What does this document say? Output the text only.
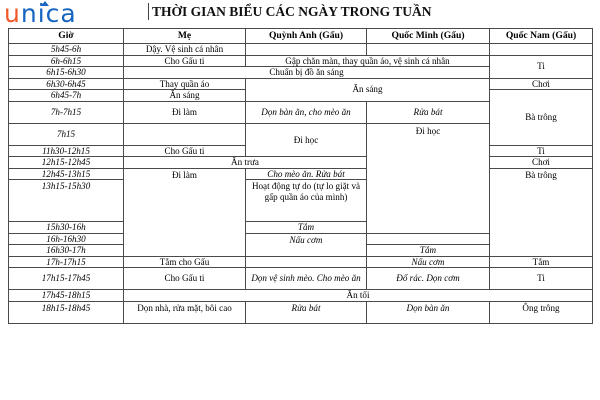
unica	THỜI GIAN BIỂU CÁC NGÀY TRONG TUẦN
Giờ	Mẹ	Quỳnh Anh (Gấu)	Quốc Minh (Gấu)	Quốc Nam (Gấu)
5h45-6h	Dậy. Vệ sinh cá nhân			
6h-6h15	Cho Gấu ti	Gập chăn màn, thay quần áo, vệ sinh cá nhân		Ti
6h15-6h30	Chuẩn bị đồ ăn sáng			
6h30-6h45	Thay quần áo	Ăn sáng		Chơi
6h45-7h	Ăn sáng			Bà trông
7h-7h15	Đi làm	Dọn bàn ăn, cho mèo ăn	Rửa bát	
7h15		Đi học	Đi học	
11h30-12h15	Cho Gấu ti			Ti
12h15-12h45	Ăn trưa			Chơi
12h45-13h15	Đi làm	Cho mèo ăn. Rửa bát		Bà trông
13h15-15h30		Hoạt động tự do (tự lo giặt và gấp quần áo của mình)		
15h30-16h		Tắm		
16h-16h30		Nấu cơm		
16h30-17h			Tắm	
17h-17h15	Tắm cho Gấu		Nấu cơm	Tắm
17h15-17h45	Cho Gấu ti	Dọn vệ sinh mèo. Cho mèo ăn	Đổ rác. Dọn cơm	Ti
17h45-18h15	Ăn tối			
18h15-18h45	Dọn nhà, rửa mặt, bôi cao	Rửa bát	Dọn bàn ăn	Ông trông
